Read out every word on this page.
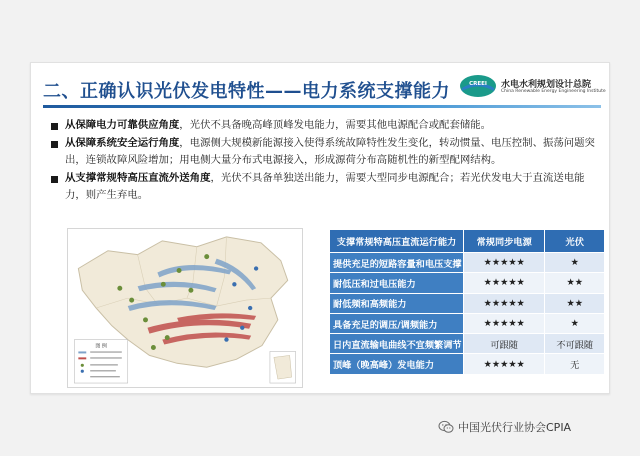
二、正确认识光伏发电特性——电力系统支撑能力	CREEI 水电水利规划设计总院
China Renewable Energy Engineering Institute
从保障电力可靠供应角度，光伏不具备晚高峰顶峰发电能力，需要其他电源配合或配套储能。
从保障系统安全运行角度，电源侧大规模新能源接入使得系统故障特性发生变化，转动惯量、电压控制、振荡问题突出，连锁故障风险增加；用电侧大量分布式电源接入，形成源荷分布高随机性的新型配网结构。
从支撑常规特高压直流外送角度，光伏不具备单独送出能力，需要大型同步电源配合；若光伏发电大于直流送电能力，则产生弃电。
图 例
支撑常规特高压直流运行能力	常规同步电源	光伏
提供充足的短路容量和电压支撑	★★★★★	★
耐低压和过电压能力	★★★★★	★★
耐低频和高频能力	★★★★★	★★
具备充足的调压/调频能力	★★★★★	★
日内直流输电曲线不宜频繁调节	可跟随	不可跟随
顶峰（晚高峰）发电能力	★★★★★	无
中国光伏行业协会CPIA
